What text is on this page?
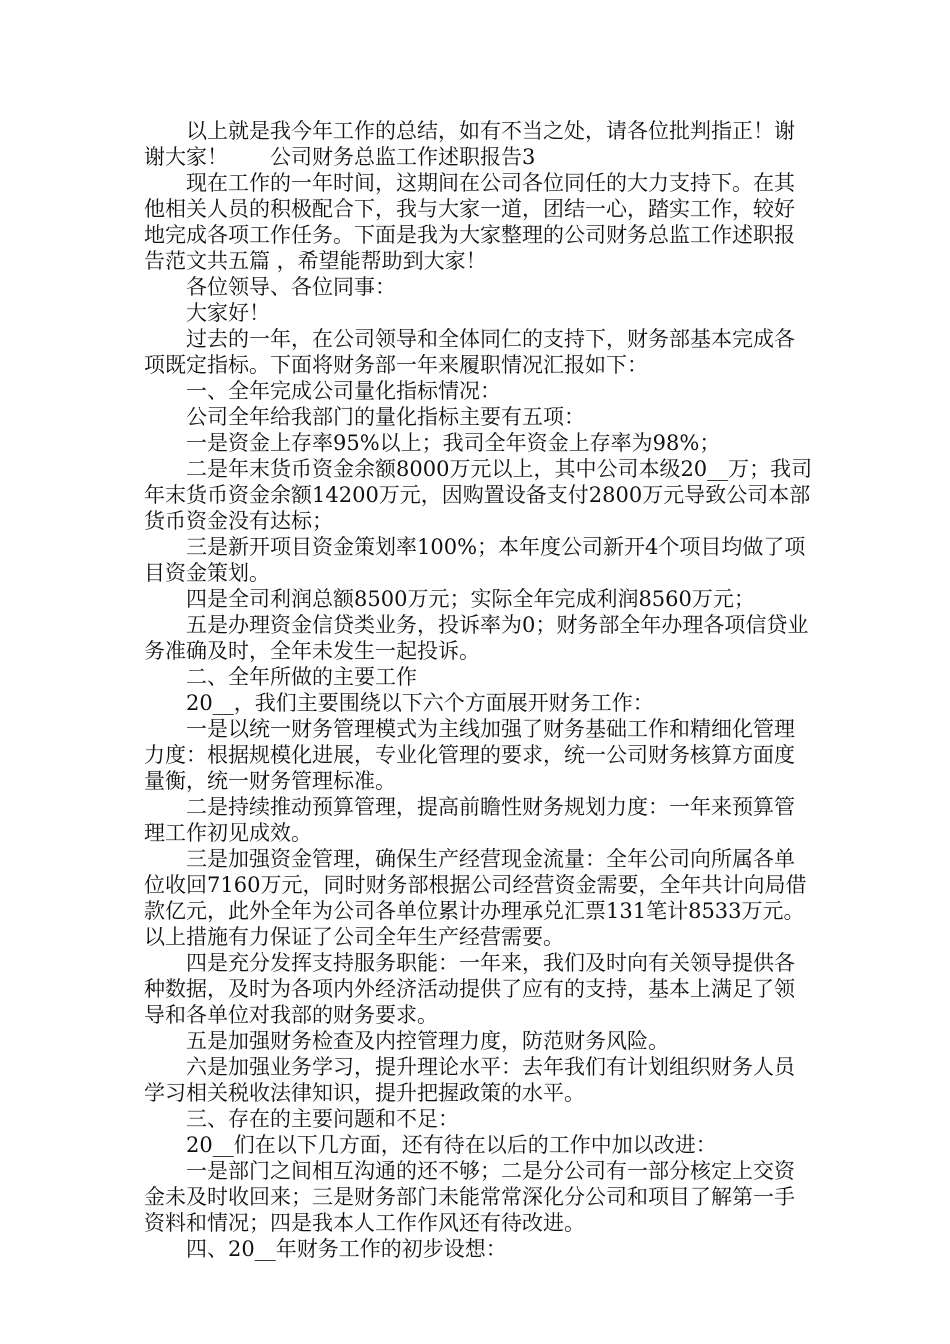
以上就是我今年工作的总结，如有不当之处，请各位批判指正！谢谢大家！ 公司财务总监工作述职报告3

现在工作的一年时间，这期间在公司各位同任的大力支持下。在其他相关人员的积极配合下，我与大家一道，团结一心，踏实工作，较好地完成各项工作任务。下面是我为大家整理的公司财务总监工作述职报告范文共五篇 ，希望能帮助到大家！

各位领导、各位同事：

大家好！

过去的一年，在公司领导和全体同仁的支持下，财务部基本完成各项既定指标。下面将财务部一年来履职情况汇报如下：

一、全年完成公司量化指标情况：

公司全年给我部门的量化指标主要有五项：

一是资金上存率95%以上；我司全年资金上存率为98%；

二是年末货币资金余额8000万元以上，其中公司本级20__万；我司年末货币资金余额14200万元，因购置设备支付2800万元导致公司本部货币资金没有达标；

三是新开项目资金策划率100%；本年度公司新开4个项目均做了项目资金策划。

四是全司利润总额8500万元；实际全年完成利润8560万元；

五是办理资金信贷类业务，投诉率为0；财务部全年办理各项信贷业务准确及时，全年未发生一起投诉。

二、全年所做的主要工作

20__，我们主要围绕以下六个方面展开财务工作：

一是以统一财务管理模式为主线加强了财务基础工作和精细化管理力度：根据规模化进展，专业化管理的要求，统一公司财务核算方面度量衡，统一财务管理标准。

二是持续推动预算管理，提高前瞻性财务规划力度：一年来预算管理工作初见成效。

三是加强资金管理，确保生产经营现金流量：全年公司向所属各单位收回7160万元，同时财务部根据公司经营资金需要，全年共计向局借款亿元，此外全年为公司各单位累计办理承兑汇票131笔计8533万元。以上措施有力保证了公司全年生产经营需要。

四是充分发挥支持服务职能：一年来，我们及时向有关领导提供各种数据，及时为各项内外经济活动提供了应有的支持，基本上满足了领导和各单位对我部的财务要求。

五是加强财务检查及内控管理力度，防范财务风险。

六是加强业务学习，提升理论水平：去年我们有计划组织财务人员学习相关税收法律知识，提升把握政策的水平。

三、存在的主要问题和不足：

20__们在以下几方面，还有待在以后的工作中加以改进：

一是部门之间相互沟通的还不够；二是分公司有一部分核定上交资金未及时收回来；三是财务部门未能常常深化分公司和项目了解第一手资料和情况；四是我本人工作作风还有待改进。

四、20__年财务工作的初步设想：
